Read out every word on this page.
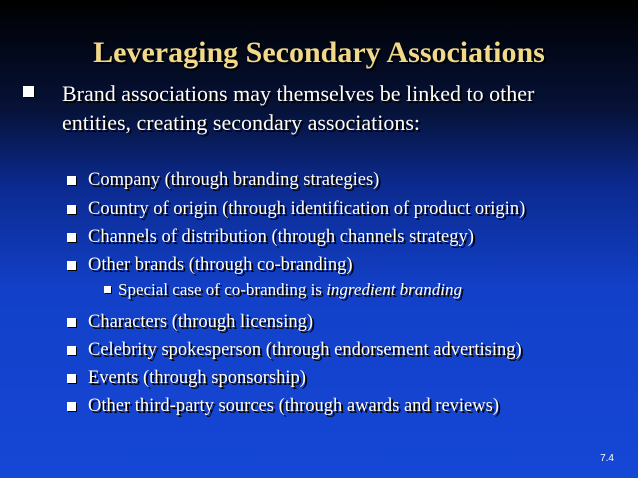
Leveraging Secondary Associations
Brand associations may themselves be linked to other
entities, creating secondary associations:
Company (through branding strategies)
Country of origin (through identification of product origin)
Channels of distribution (through channels strategy)
Other brands (through co-branding)
Special case of co-branding is ingredient branding
Characters (through licensing)
Celebrity spokesperson (through endorsement advertising)
Events (through sponsorship)
Other third-party sources (through awards and reviews)
7.4
